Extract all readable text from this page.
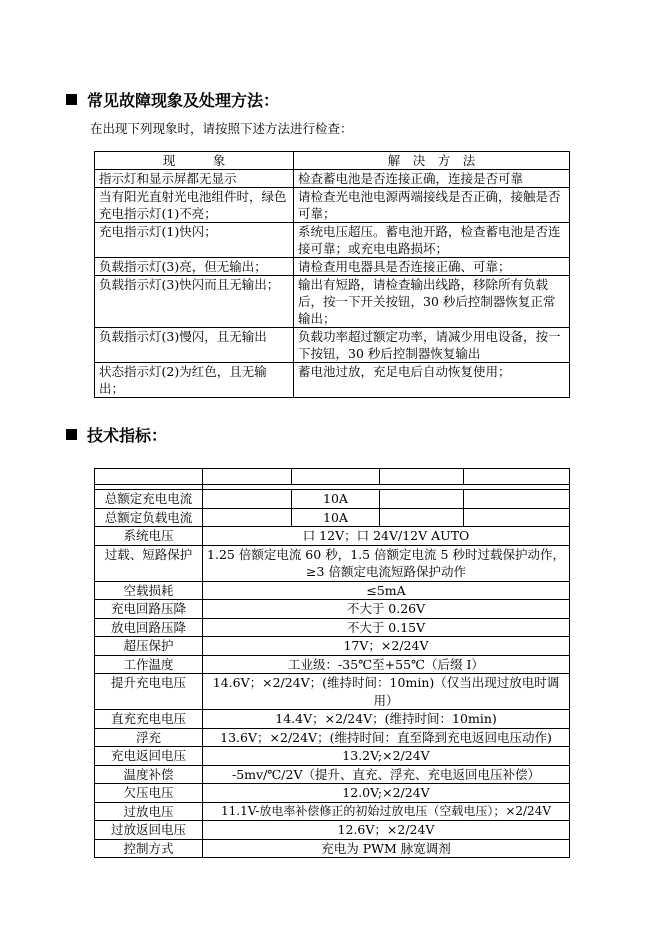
常见故障现象及处理方法：
在出现下列现象时，请按照下述方法进行检查：
现　　　象	解　决　方　法
指示灯和显示屏都无显示	检查蓄电池是否连接正确，连接是否可靠
当有阳光直射光电池组件时，绿色充电指示灯(1)不亮；	请检查光电池电源两端接线是否正确，接触是否可靠；
充电指示灯(1)快闪；	系统电压超压。蓄电池开路，检查蓄电池是否连接可靠；或充电电路损坏；
负载指示灯(3)亮，但无输出；	请检查用电器具是否连接正确、可靠；
负载指示灯(3)快闪而且无输出；	输出有短路，请检查输出线路，移除所有负载后，按一下开关按钮，30 秒后控制器恢复正常输出；
负载指示灯(3)慢闪，且无输出	负载功率超过额定功率，请减少用电设备，按一下按钮，30 秒后控制器恢复输出
状态指示灯(2)为红色，且无输出；	蓄电池过放，充足电后自动恢复使用；
技术指标：

总额定充电电流		10A		
总额定负载电流		10A		
系统电压	口 12V；口 24V/12V AUTO			
过载、短路保护	1.25 倍额定电流 60 秒，1.5 倍额定电流 5 秒时过载保护动作，≥3 倍额定电流短路保护动作			
空载损耗	≤5mA			
充电回路压降	不大于 0.26V			
放电回路压降	不大于 0.15V			
超压保护	17V；×2/24V			
工作温度	工业级：-35℃至+55℃（后缀 I）			
提升充电电压	14.6V；×2/24V；(维持时间：10min)（仅当出现过放电时调用）			
直充充电电压	14.4V；×2/24V；(维持时间：10min)			
浮充	13.6V；×2/24V；(维持时间：直至降到充电返回电压动作)			
充电返回电压	13.2V;×2/24V			
温度补偿	-5mv/℃/2V（提升、直充、浮充、充电返回电压补偿）			
欠压电压	12.0V;×2/24V			
过放电压	11.1V-放电率补偿修正的初始过放电压（空载电压）；×2/24V			
过放返回电压	12.6V；×2/24V			
控制方式	充电为 PWM 脉宽调剂			
